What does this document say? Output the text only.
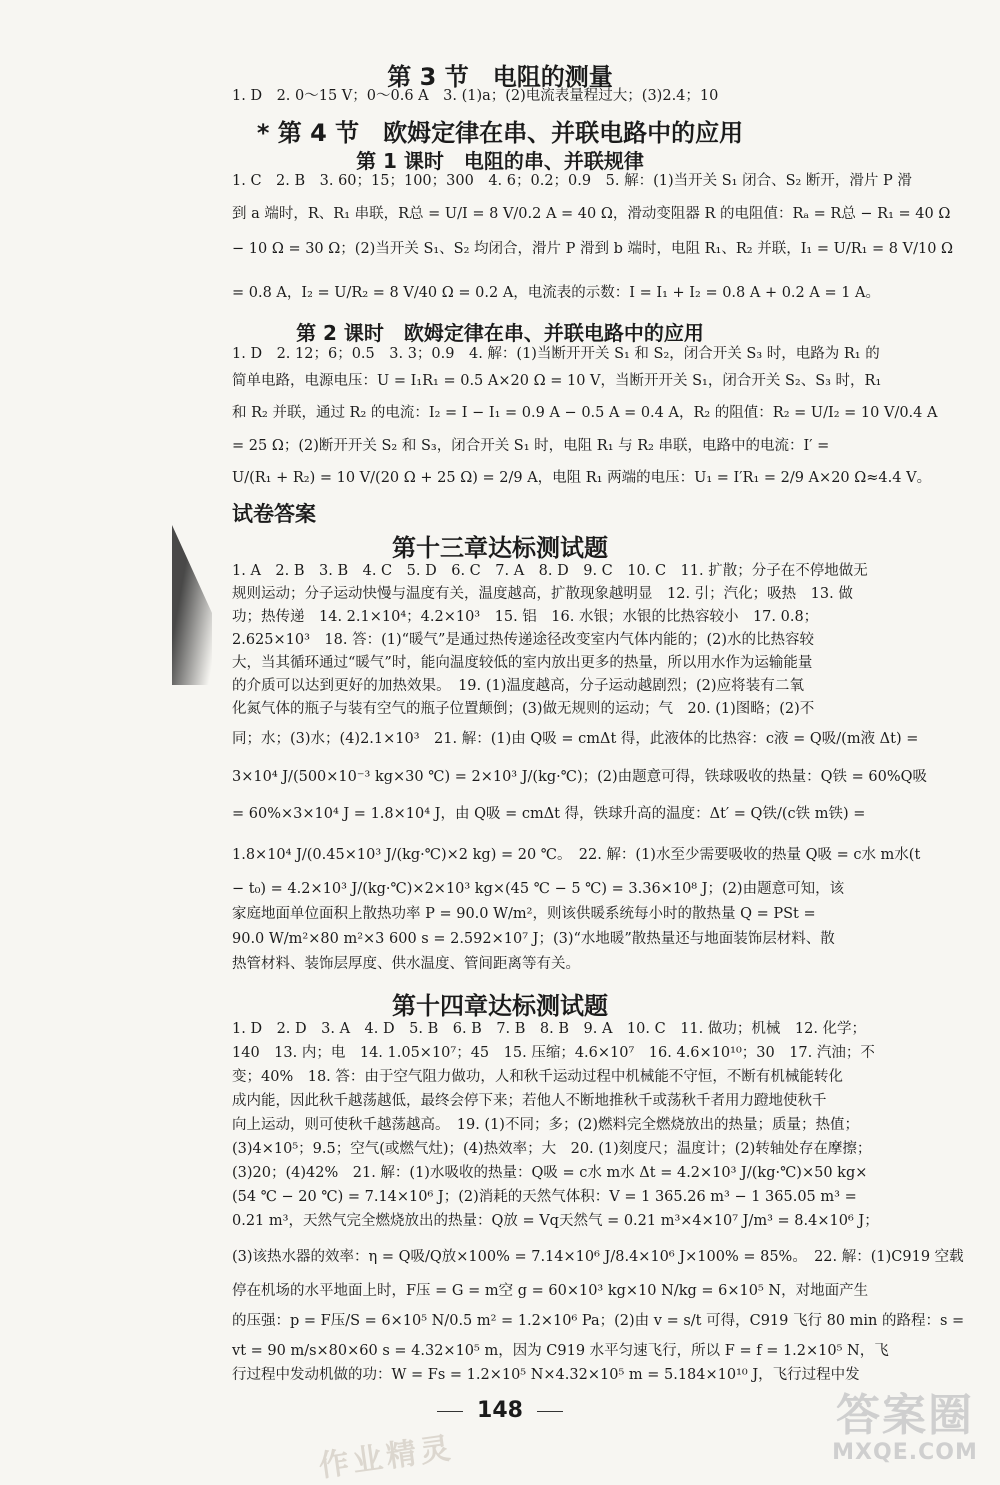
第 3 节　电阻的测量
1. D　2. 0～15 V；0～0.6 A　3. (1)a；(2)电流表量程过大；(3)2.4；10
* 第 4 节　欧姆定律在串、并联电路中的应用
第 1 课时　电阻的串、并联规律
1. C　2. B　3. 60；15；100；300　4. 6；0.2；0.9　5. 解：(1)当开关 S₁ 闭合、S₂ 断开，滑片 P 滑
到 a 端时，R、R₁ 串联，R总 = U/I = 8 V/0.2 A = 40 Ω，滑动变阻器 R 的电阻值：Rₐ = R总 − R₁ = 40 Ω
− 10 Ω = 30 Ω；(2)当开关 S₁、S₂ 均闭合，滑片 P 滑到 b 端时，电阻 R₁、R₂ 并联，I₁ = U/R₁ = 8 V/10 Ω
= 0.8 A，I₂ = U/R₂ = 8 V/40 Ω = 0.2 A，电流表的示数：I = I₁ + I₂ = 0.8 A + 0.2 A = 1 A。
第 2 课时　欧姆定律在串、并联电路中的应用
1. D　2. 12；6；0.5　3. 3；0.9　4. 解：(1)当断开开关 S₁ 和 S₂，闭合开关 S₃ 时，电路为 R₁ 的
简单电路，电源电压：U = I₁R₁ = 0.5 A×20 Ω = 10 V，当断开开关 S₁，闭合开关 S₂、S₃ 时，R₁
和 R₂ 并联，通过 R₂ 的电流：I₂ = I − I₁ = 0.9 A − 0.5 A = 0.4 A，R₂ 的阻值：R₂ = U/I₂ = 10 V/0.4 A
= 25 Ω；(2)断开开关 S₂ 和 S₃，闭合开关 S₁ 时，电阻 R₁ 与 R₂ 串联，电路中的电流：I′ =
U/(R₁ + R₂) = 10 V/(20 Ω + 25 Ω) = 2/9 A，电阻 R₁ 两端的电压：U₁ = I′R₁ = 2/9 A×20 Ω≈4.4 V。
试卷答案
第十三章达标测试题
1. A　2. B　3. B　4. C　5. D　6. C　7. A　8. D　9. C　10. C　11. 扩散；分子在不停地做无
规则运动；分子运动快慢与温度有关，温度越高，扩散现象越明显　12. 引；汽化；吸热　13. 做
功；热传递　14. 2.1×10⁴；4.2×10³　15. 铝　16. 水银；水银的比热容较小　17. 0.8；
2.625×10³　18. 答：(1)“暖气”是通过热传递途径改变室内气体内能的；(2)水的比热容较
大，当其循环通过“暖气”时，能向温度较低的室内放出更多的热量，所以用水作为运输能量
的介质可以达到更好的加热效果。　19. (1)温度越高，分子运动越剧烈；(2)应将装有二氧
化氮气体的瓶子与装有空气的瓶子位置颠倒；(3)做无规则的运动；气　20. (1)图略；(2)不
同；水；(3)水；(4)2.1×10³　21. 解：(1)由 Q吸 = cmΔt 得，此液体的比热容：c液 = Q吸/(m液 Δt) =
3×10⁴ J/(500×10⁻³ kg×30 ℃) = 2×10³ J/(kg·℃)；(2)由题意可得，铁球吸收的热量：Q铁 = 60%Q吸
= 60%×3×10⁴ J = 1.8×10⁴ J，由 Q吸 = cmΔt 得，铁球升高的温度：Δt′ = Q铁/(c铁 m铁) =
1.8×10⁴ J/(0.45×10³ J/(kg·℃)×2 kg) = 20 ℃。　22. 解：(1)水至少需要吸收的热量 Q吸 = c水 m水(t
− t₀) = 4.2×10³ J/(kg·℃)×2×10³ kg×(45 ℃ − 5 ℃) = 3.36×10⁸ J；(2)由题意可知，该
家庭地面单位面积上散热功率 P = 90.0 W/m²，则该供暖系统每小时的散热量 Q = PSt =
90.0 W/m²×80 m²×3 600 s = 2.592×10⁷ J；(3)“水地暖”散热量还与地面装饰层材料、散
热管材料、装饰层厚度、供水温度、管间距离等有关。
第十四章达标测试题
1. D　2. D　3. A　4. D　5. B　6. B　7. B　8. B　9. A　10. C　11. 做功；机械　12. 化学；
140　13. 内；电　14. 1.05×10⁷；45　15. 压缩；4.6×10⁷　16. 4.6×10¹⁰；30　17. 汽油；不
变；40%　18. 答：由于空气阻力做功，人和秋千运动过程中机械能不守恒，不断有机械能转化
成内能，因此秋千越荡越低，最终会停下来；若他人不断地推秋千或荡秋千者用力蹬地使秋千
向上运动，则可使秋千越荡越高。　19. (1)不同；多；(2)燃料完全燃烧放出的热量；质量；热值；
(3)4×10⁵；9.5；空气(或燃气灶)；(4)热效率；大　20. (1)刻度尺；温度计；(2)转轴处存在摩擦；
(3)20；(4)42%　21. 解：(1)水吸收的热量：Q吸 = c水 m水 Δt = 4.2×10³ J/(kg·℃)×50 kg×
(54 ℃ − 20 ℃) = 7.14×10⁶ J；(2)消耗的天然气体积：V = 1 365.26 m³ − 1 365.05 m³ =
0.21 m³，天然气完全燃烧放出的热量：Q放 = Vq天然气 = 0.21 m³×4×10⁷ J/m³ = 8.4×10⁶ J；
(3)该热水器的效率：η = Q吸/Q放×100% = 7.14×10⁶ J/8.4×10⁶ J×100% = 85%。　22. 解：(1)C919 空载
停在机场的水平地面上时，F压 = G = m空 g = 60×10³ kg×10 N/kg = 6×10⁵ N，对地面产生
的压强：p = F压/S = 6×10⁵ N/0.5 m² = 1.2×10⁶ Pa；(2)由 v = s/t 可得，C919 飞行 80 min 的路程：s =
vt = 90 m/s×80×60 s = 4.32×10⁵ m，因为 C919 水平匀速飞行，所以 F = f = 1.2×10⁵ N，飞
行过程中发动机做的功：W = Fs = 1.2×10⁵ N×4.32×10⁵ m = 5.184×10¹⁰ J，飞行过程中发
148
作业精灵
答案圈
MXQE.COM
